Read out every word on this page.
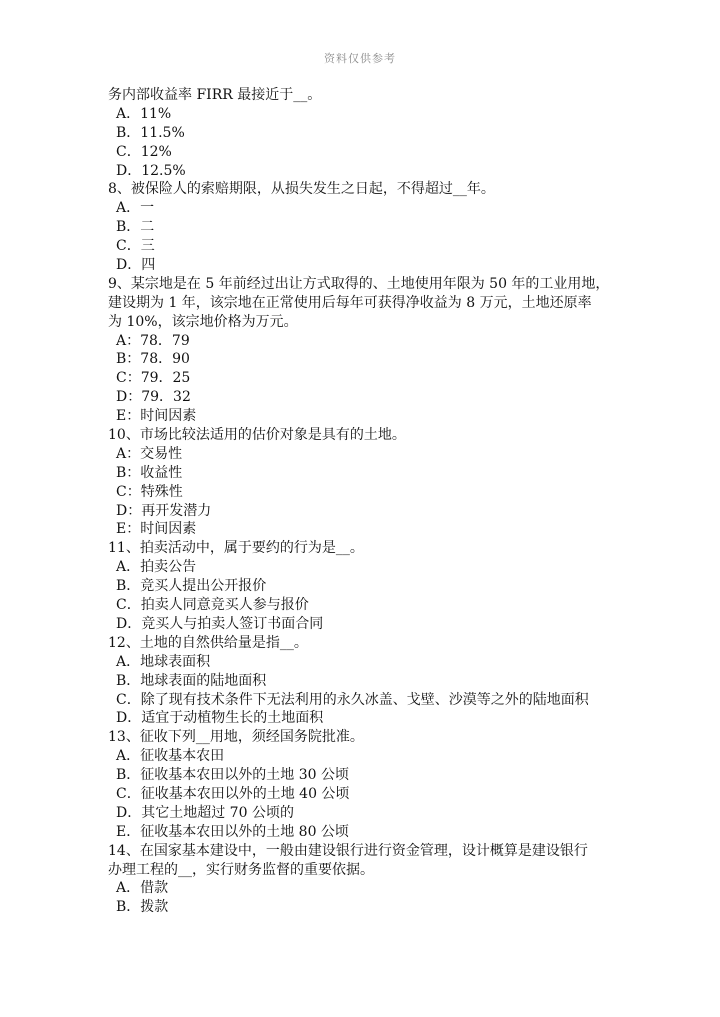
资料仅供参考
务内部收益率 FIRR 最接近于__。
A．11%
B．11.5%
C．12%
D．12.5%
8、被保险人的索赔期限，从损失发生之日起，不得超过__年。
A．一
B．二
C．三
D．四
9、某宗地是在 5 年前经过出让方式取得的、土地使用年限为 50 年的工业用地，
建设期为 1 年，该宗地在正常使用后每年可获得净收益为 8 万元，土地还原率
为 10%，该宗地价格为万元。
A：78．79
B：78．90
C：79．25
D：79．32
E：时间因素
10、市场比较法适用的估价对象是具有的土地。
A：交易性
B：收益性
C：特殊性
D：再开发潜力
E：时间因素
11、拍卖活动中，属于要约的行为是__。
A．拍卖公告
B．竞买人提出公开报价
C．拍卖人同意竞买人参与报价
D．竞买人与拍卖人签订书面合同
12、土地的自然供给量是指__。
A．地球表面积
B．地球表面的陆地面积
C．除了现有技术条件下无法利用的永久冰盖、戈壁、沙漠等之外的陆地面积
D．适宜于动植物生长的土地面积
13、征收下列__用地，须经国务院批准。
A．征收基本农田
B．征收基本农田以外的土地 30 公顷
C．征收基本农田以外的土地 40 公顷
D．其它土地超过 70 公顷的
E．征收基本农田以外的土地 80 公顷
14、在国家基本建设中，一般由建设银行进行资金管理，设计概算是建设银行
办理工程的__，实行财务监督的重要依据。
A．借款
B．拨款
